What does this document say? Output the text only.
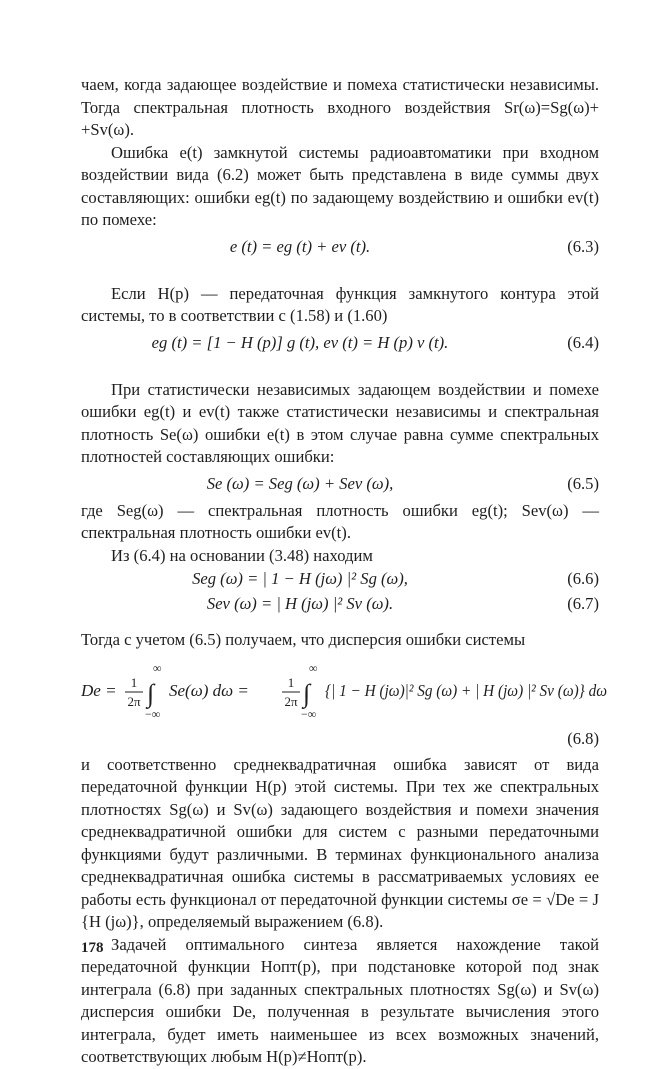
чаем, когда задающее воздействие и помеха статистически независимы. Тогда спектральная плотность входного воздействия Sr(ω)=Sg(ω)+ +Sv(ω).

Ошибка e(t) замкнутой системы радиоавтоматики при входном воздействии вида (6.2) может быть представлена в виде суммы двух составляющих: ошибки eg(t) по задающему воздействию и ошибки ev(t) по помехе:

e (t) = eg (t) + ev (t).	(6.3)

Если H(p) — передаточная функция замкнутого контура этой системы, то в соответствии с (1.58) и (1.60)

eg (t) = [1 − H (p)] g (t), ev (t) = H (p) v (t).	(6.4)

При статистически независимых задающем воздействии и помехе ошибки eg(t) и ev(t) также статистически независимы и спектральная плотность Se(ω) ошибки e(t) в этом случае равна сумме спектральных плотностей составляющих ошибки:

Se (ω) = Seg (ω) + Sev (ω),	(6.5)

где Seg(ω) — спектральная плотность ошибки eg(t); Sev(ω) — спектральная плотность ошибки ev(t).

Из (6.4) на основании (3.48) находим

Seg (ω) = | 1 − H (jω) |² Sg (ω),	(6.6)
Sev (ω) = | H (jω) |² Sv (ω).	(6.7)

Тогда с учетом (6.5) получаем, что дисперсия ошибки системы

De = 1
2π
∞
∫
−∞
Se(ω) dω =	1
2π
∞
∫
−∞
{| 1 − H (jω)|² Sg (ω) + | H (jω) |² Sv (ω)} dω
(6.8)

и соответственно среднеквадратичная ошибка зависят от вида передаточной функции H(p) этой системы. При тех же спектральных плотностях Sg(ω) и Sv(ω) задающего воздействия и помехи значения среднеквадратичной ошибки для систем с разными передаточными функциями будут различными. В терминах функционального анализа среднеквадратичная ошибка системы в рассматриваемых условиях ее работы есть функционал от передаточной функции системы σe = √De = J {H (jω)}, определяемый выражением (6.8).

Задачей оптимального синтеза является нахождение такой передаточной функции Hопт(p), при подстановке которой под знак интеграла (6.8) при заданных спектральных плотностях Sg(ω) и Sv(ω) дисперсия ошибки De, полученная в результате вычисления этого интеграла, будет иметь наименьшее из всех возможных значений, соответствующих любым H(p)≠Hопт(p).

178
